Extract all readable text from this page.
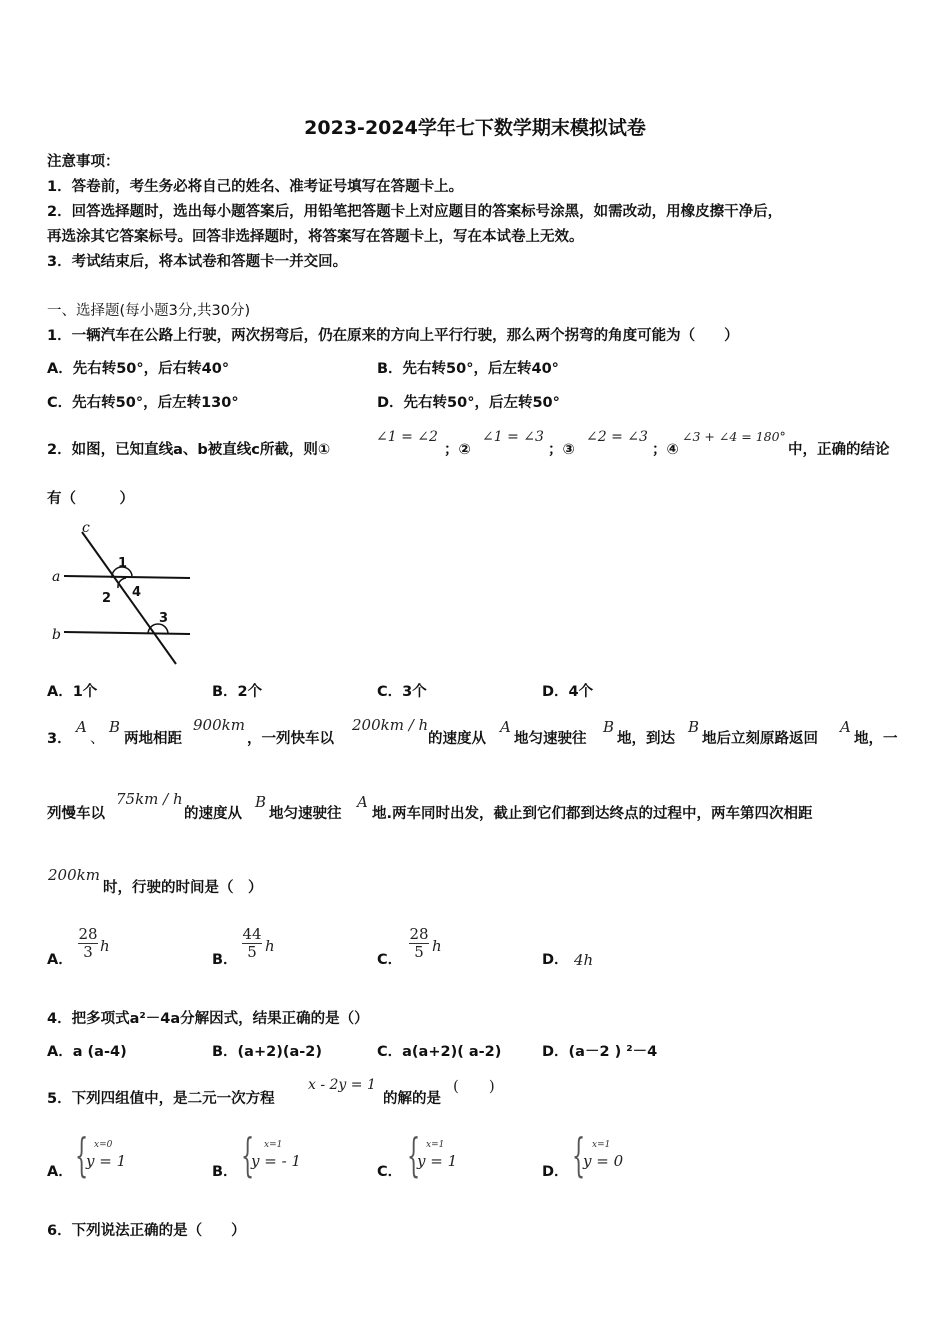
2023-2024学年七下数学期末模拟试卷
注意事项：
1．答卷前，考生务必将自己的姓名、准考证号填写在答题卡上。
2．回答选择题时，选出每小题答案后，用铅笔把答题卡上对应题目的答案标号涂黑，如需改动，用橡皮擦干净后，
再选涂其它答案标号。回答非选择题时，将答案写在答题卡上，写在本试卷上无效。
3．考试结束后，将本试卷和答题卡一并交回。
一、选择题(每小题3分,共30分)
1．一辆汽车在公路上行驶，两次拐弯后，仍在原来的方向上平行行驶，那么两个拐弯的角度可能为（　　）
A．先右转50°，后右转40°	B．先右转50°，后左转40°
C．先右转50°，后左转130°	D．先右转50°，后左转50°
2．如图，已知直线a、b被直线c所截，则①
∠1 = ∠2
；②
∠1 = ∠3
；③
∠2 = ∠3
；④
∠3 + ∠4 = 180°
中，正确的结论
有（　　　）
c
a
b
1
2 4
3
A．1个	B．2个	C．3个	D．4个
3．
A
、
B
两地相距
900km
，一列快车以
200km / h
的速度从
A
地匀速驶往
B
地，到达
B
地后立刻原路返回
A
地，一
列慢车以
75km / h
的速度从
B
地匀速驶往
A
地.两车同时出发，截止到它们都到达终点的过程中，两车第四次相距
200km
时，行驶的时间是（　）
A． $\frac{28}{3}$ h
B． $\frac{44}{5}$ h
C． $\frac{28}{5}$ h
D． 4h
4．把多项式a²－4a分解因式，结果正确的是（）
A．a (a-4)	B．(a+2)(a-2)	C．a(a+2)( a-2)	D．(a－2 ) ²－4
5．下列四组值中，是二元一次方程
x - 2y = 1
的解的是
(　　)
A． { x=0
y = 1
B． { x=1
y = - 1
C． { x=1
y = 1
D． { x=1
y = 0
6．下列说法正确的是（　　）
